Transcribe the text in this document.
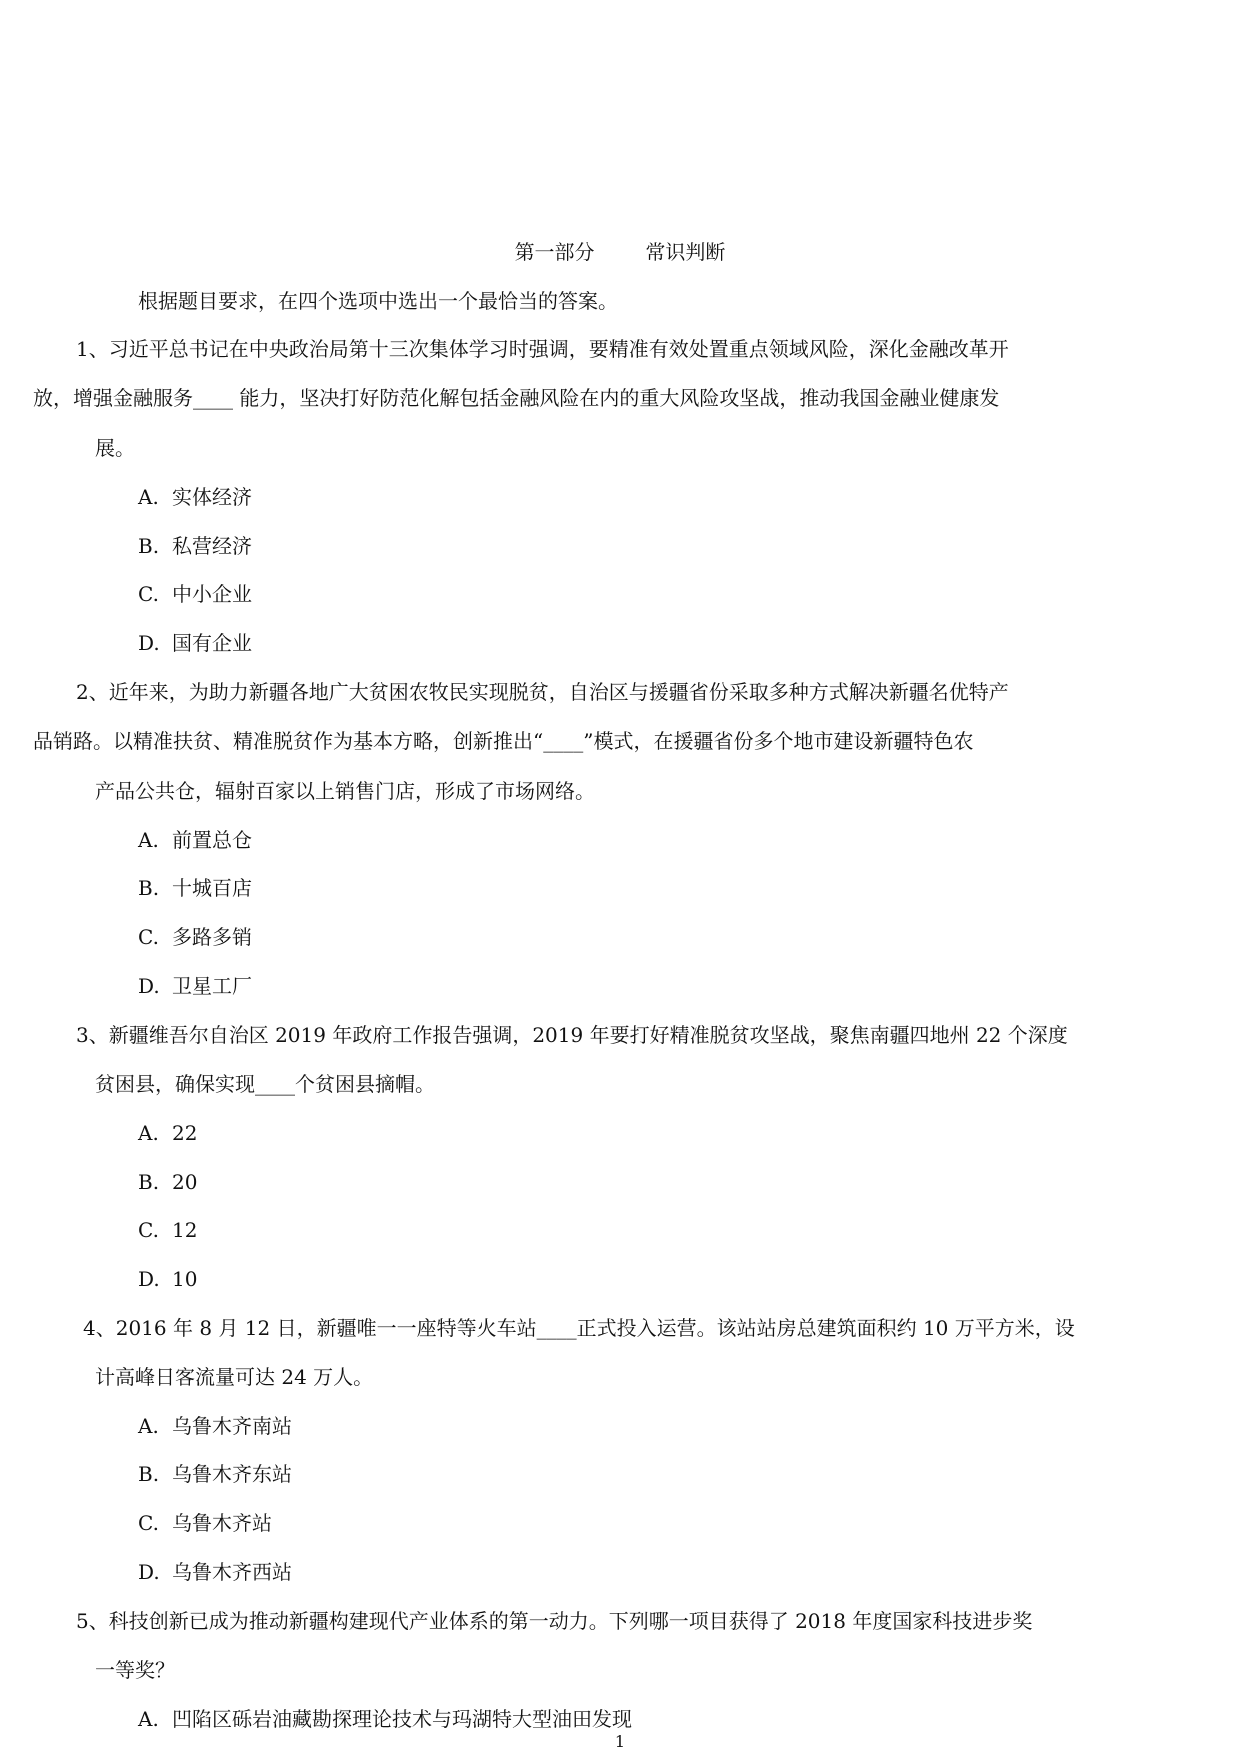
第一部分        常识判断
根据题目要求，在四个选项中选出一个最恰当的答案。
1、习近平总书记在中央政治局第十三次集体学习时强调，要精准有效处置重点领域风险，深化金融改革开
放，增强金融服务____ 能力，坚决打好防范化解包括金融风险在内的重大风险攻坚战，推动我国金融业健康发
展。
A. 实体经济
B. 私营经济
C. 中小企业
D. 国有企业
2、近年来，为助力新疆各地广大贫困农牧民实现脱贫，自治区与援疆省份采取多种方式解决新疆名优特产
品销路。以精准扶贫、精准脱贫作为基本方略，创新推出“____”模式，在援疆省份多个地市建设新疆特色农
产品公共仓，辐射百家以上销售门店，形成了市场网络。
A. 前置总仓
B. 十城百店
C. 多路多销
D. 卫星工厂
3、新疆维吾尔自治区 2019 年政府工作报告强调，2019 年要打好精准脱贫攻坚战，聚焦南疆四地州 22 个深度
贫困县，确保实现____个贫困县摘帽。
A. 22
B. 20
C. 12
D. 10
4、2016 年 8 月 12 日，新疆唯一一座特等火车站____正式投入运营。该站站房总建筑面积约 10 万平方米，设
计高峰日客流量可达 24 万人。
A. 乌鲁木齐南站
B. 乌鲁木齐东站
C. 乌鲁木齐站
D. 乌鲁木齐西站
5、科技创新已成为推动新疆构建现代产业体系的第一动力。下列哪一项目获得了 2018 年度国家科技进步奖
一等奖？
A. 凹陷区砾岩油藏勘探理论技术与玛湖特大型油田发现
1
